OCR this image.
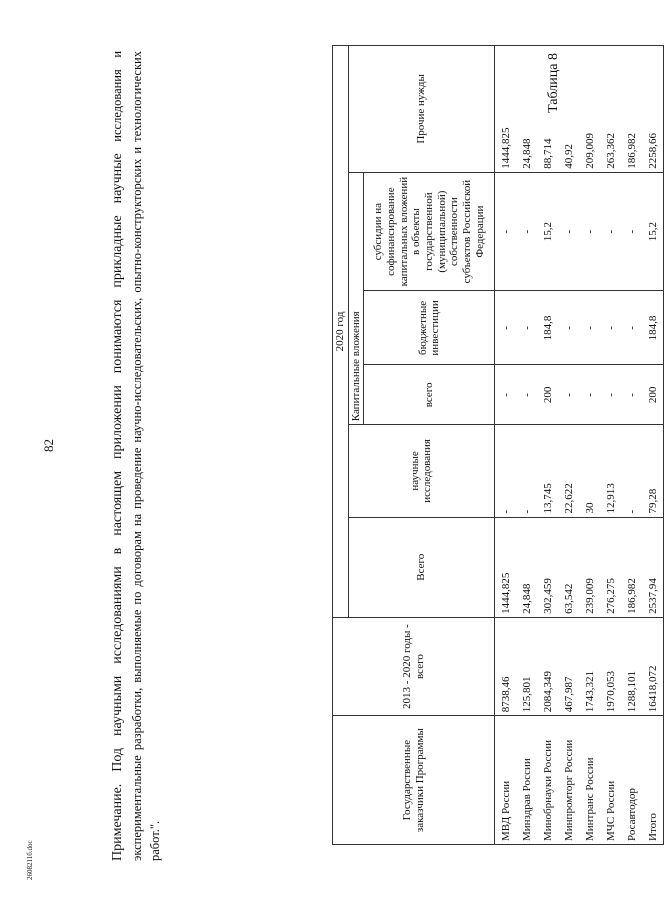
82
2608211б.doc
Таблица 8
Государственные заказчики Программы	2013 - 2020 годы - всего	2020 год					
		Всего	научные исследования	Капитальные вложения			Прочие нужды
				всего	бюджетные инвестиции	субсидии на софинансирование капитальных вложений в объекты государственной (муниципальной) собственности субъектов Российской Федерации	
МВД России	8738,46	1444,825	-	-	-	-	1444,825
Минздрав России	125,801	24,848	-	-	-	-	24,848
Минобрнауки России	2084,349	302,459	13,745	200	184,8	15,2	88,714
Минпромторг России	467,987	63,542	22,622	-	-	-	40,92
Минтранс России	1743,321	239,009	30	-	-	-	209,009
МЧС России	1970,053	276,275	12,913	-	-	-	263,362
Росавтодор	1288,101	186,982	-	-	-	-	186,982
Итого	16418,072	2537,94	79,28	200	184,8	15,2	2258,66
Примечание. Под научными исследованиями в настоящем приложении понимаются прикладные научные исследования и экспериментальные разработки, выполняемые по договорам на проведение научно-исследовательских, опытно-конструкторских и технологических работ.".
